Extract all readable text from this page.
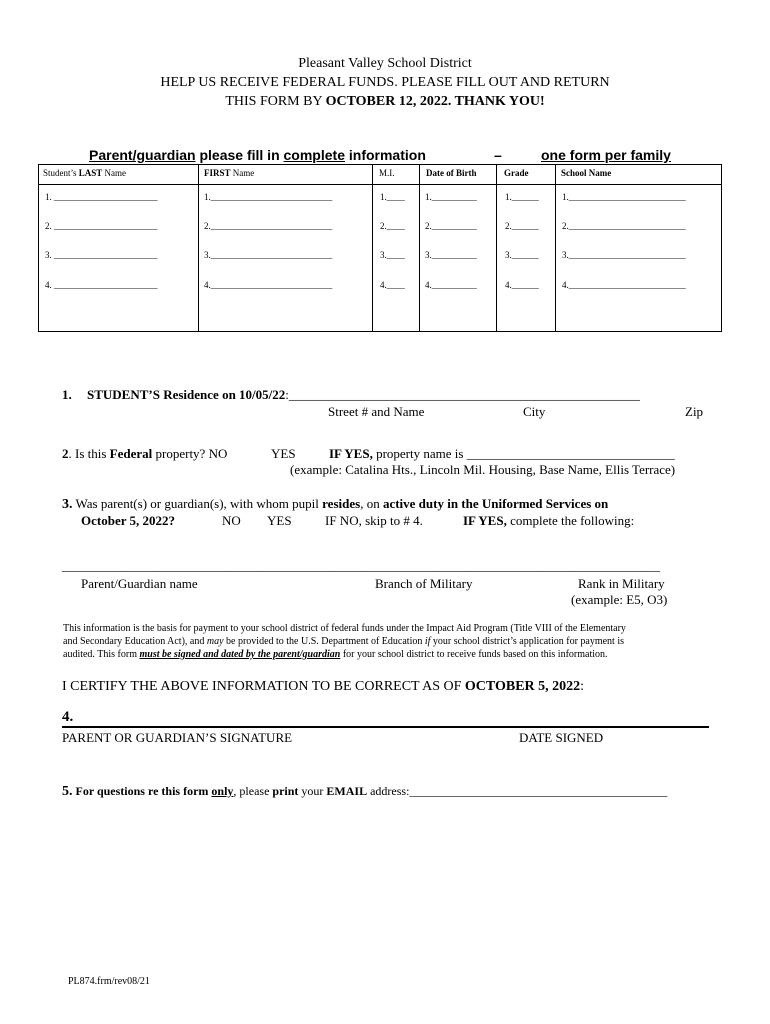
Pleasant Valley School District
HELP US RECEIVE FEDERAL FUNDS. PLEASE FILL OUT AND RETURN
THIS FORM BY OCTOBER 12, 2022. THANK YOU!
Parent/guardian please fill in complete information	–	one form per family
Student’s LAST Name	FIRST Name	M.I.	Date of Birth	Grade	School Name
1. _______________________	1.___________________________	1.____ 1.__________	1.______	1.__________________________
2. _______________________	2.___________________________	2.____ 2.__________	2.______	2.__________________________
3. _______________________	3.___________________________	3.____ 3.__________	3.______	3.__________________________
4. _______________________	4.___________________________	4.____ 4.__________	4.______	4.__________________________
1. STUDENT’S Residence on 10/05/22:______________________________________________________
Street # and Name	City	Zip
2. Is this Federal property? NO	YES	IF YES, property name is ________________________________
(example: Catalina Hts., Lincoln Mil. Housing, Base Name, Ellis Terrace)
3. Was parent(s) or guardian(s), with whom pupil resides, on active duty in the Uniformed Services on
October 5, 2022?	NO YES	IF NO, skip to # 4.	IF YES, complete the following:
____________________________________________________________________________________________
Parent/Guardian name	Branch of Military	Rank in Military
(example: E5, O3)
This information is the basis for payment to your school district of federal funds under the Impact Aid Program (Title VIII of the Elementary
and Secondary Education Act), and may be provided to the U.S. Department of Education if your school district’s application for payment is
audited. This form must be signed and dated by the parent/guardian for your school district to receive funds based on this information.
I CERTIFY THE ABOVE INFORMATION TO BE CORRECT AS OF OCTOBER 5, 2022:
4.
PARENT OR GUARDIAN’S SIGNATURE	DATE SIGNED
5. For questions re this form only, please print your EMAIL address:___________________________________________
PL874.frm/rev08/21
